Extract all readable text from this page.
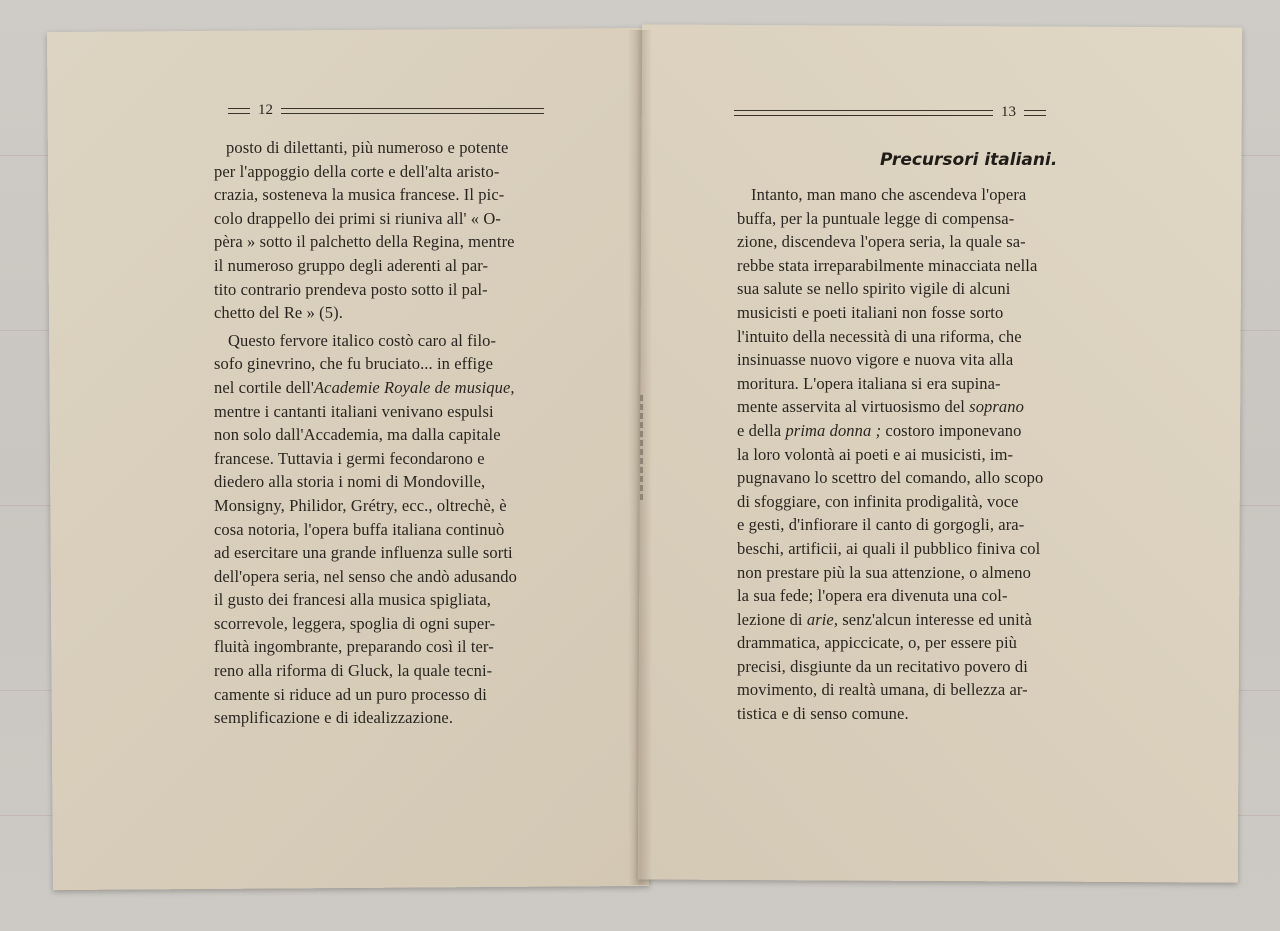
12
posto di dilettanti, più numeroso e potente
per l'appoggio della corte e dell'alta aristo-
crazia, sosteneva la musica francese. Il pic-
colo drappello dei primi si riuniva all' « O-
pèra » sotto il palchetto della Regina, mentre
il numeroso gruppo degli aderenti al par-
tito contrario prendeva posto sotto il pal-
chetto del Re » (5).
Questo fervore italico costò caro al filo-
sofo ginevrino, che fu bruciato... in effige
nel cortile dell'Academie Royale de musique,
mentre i cantanti italiani venivano espulsi
non solo dall'Accademia, ma dalla capitale
francese. Tuttavia i germi fecondarono e
diedero alla storia i nomi di Mondoville,
Monsigny, Philidor, Grétry, ecc., oltrechè, è
cosa notoria, l'opera buffa italiana continuò
ad esercitare una grande influenza sulle sorti
dell'opera seria, nel senso che andò adusando
il gusto dei francesi alla musica spigliata,
scorrevole, leggera, spoglia di ogni super-
fluità ingombrante, preparando così il ter-
reno alla riforma di Gluck, la quale tecni-
camente si riduce ad un puro processo di
semplificazione e di idealizzazione.
13
Precursori italiani.
Intanto, man mano che ascendeva l'opera
buffa, per la puntuale legge di compensa-
zione, discendeva l'opera seria, la quale sa-
rebbe stata irreparabilmente minacciata nella
sua salute se nello spirito vigile di alcuni
musicisti e poeti italiani non fosse sorto
l'intuito della necessità di una riforma, che
insinuasse nuovo vigore e nuova vita alla
moritura. L'opera italiana si era supina-
mente asservita al virtuosismo del soprano
e della prima donna ; costoro imponevano
la loro volontà ai poeti e ai musicisti, im-
pugnavano lo scettro del comando, allo scopo
di sfoggiare, con infinita prodigalità, voce
e gesti, d'infiorare il canto di gorgogli, ara-
beschi, artificii, ai quali il pubblico finiva col
non prestare più la sua attenzione, o almeno
la sua fede; l'opera era divenuta una col-
lezione di arie, senz'alcun interesse ed unità
drammatica, appiccicate, o, per essere più
precisi, disgiunte da un recitativo povero di
movimento, di realtà umana, di bellezza ar-
tistica e di senso comune.
